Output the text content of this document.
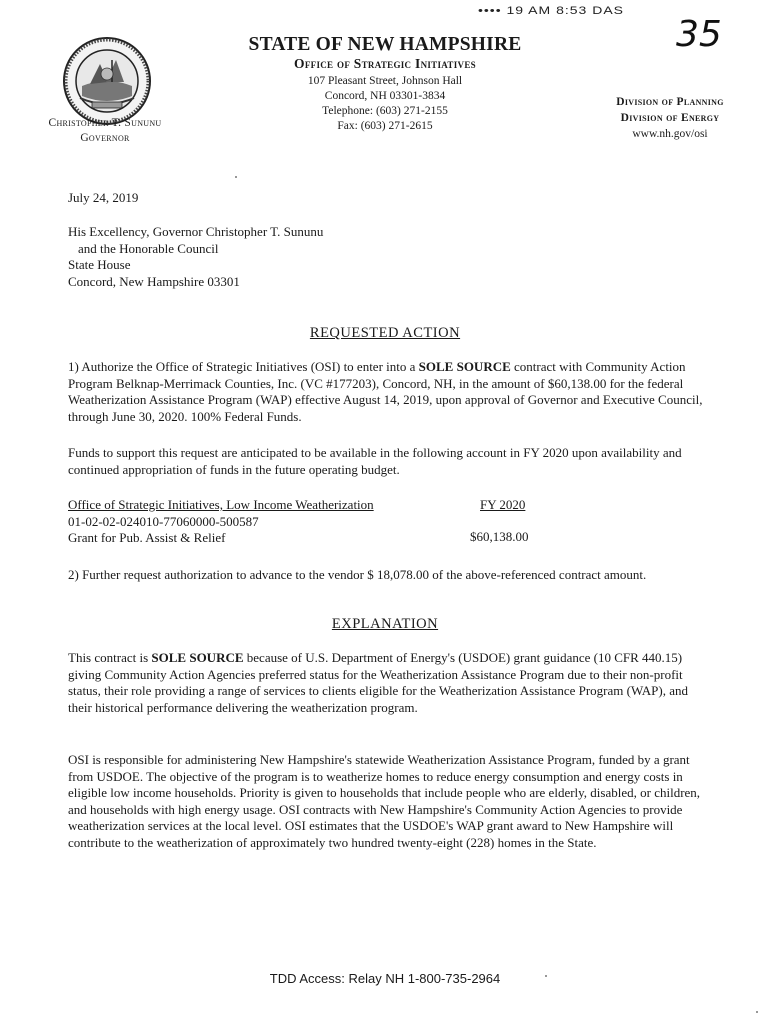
•••• 19 AM 8:53 DAS
35
Christopher T. Sununu
Governor
STATE OF NEW HAMPSHIRE
Office of Strategic Initiatives
107 Pleasant Street, Johnson Hall
Concord, NH 03301-3834
Telephone: (603) 271-2155
Fax: (603) 271-2615
Division of Planning
Division of Energy
www.nh.gov/osi
July 24, 2019
His Excellency, Governor Christopher T. Sununu
and the Honorable Council
State House
Concord, New Hampshire 03301
REQUESTED ACTION
1) Authorize the Office of Strategic Initiatives (OSI) to enter into a SOLE SOURCE contract with Community Action Program Belknap-Merrimack Counties, Inc. (VC #177203), Concord, NH, in the amount of $60,138.00 for the federal Weatherization Assistance Program (WAP) effective August 14, 2019, upon approval of Governor and Executive Council, through June 30, 2020. 100% Federal Funds.
Funds to support this request are anticipated to be available in the following account in FY 2020 upon availability and continued appropriation of funds in the future operating budget.
Office of Strategic Initiatives, Low Income Weatherization
01-02-02-024010-77060000-500587
Grant for Pub. Assist & Relief
FY 2020
$60,138.00
2) Further request authorization to advance to the vendor $ 18,078.00 of the above-referenced contract amount.
EXPLANATION
This contract is SOLE SOURCE because of U.S. Department of Energy's (USDOE) grant guidance (10 CFR 440.15) giving Community Action Agencies preferred status for the Weatherization Assistance Program due to their non-profit status, their role providing a range of services to clients eligible for the Weatherization Assistance Program (WAP), and their historical performance delivering the weatherization program.
OSI is responsible for administering New Hampshire's statewide Weatherization Assistance Program, funded by a grant from USDOE. The objective of the program is to weatherize homes to reduce energy consumption and energy costs in eligible low income households. Priority is given to households that include people who are elderly, disabled, or children, and households with high energy usage. OSI contracts with New Hampshire's Community Action Agencies to provide weatherization services at the local level. OSI estimates that the USDOE's WAP grant award to New Hampshire will contribute to the weatherization of approximately two hundred twenty-eight (228) homes in the State.
TDD Access: Relay NH 1-800-735-2964
